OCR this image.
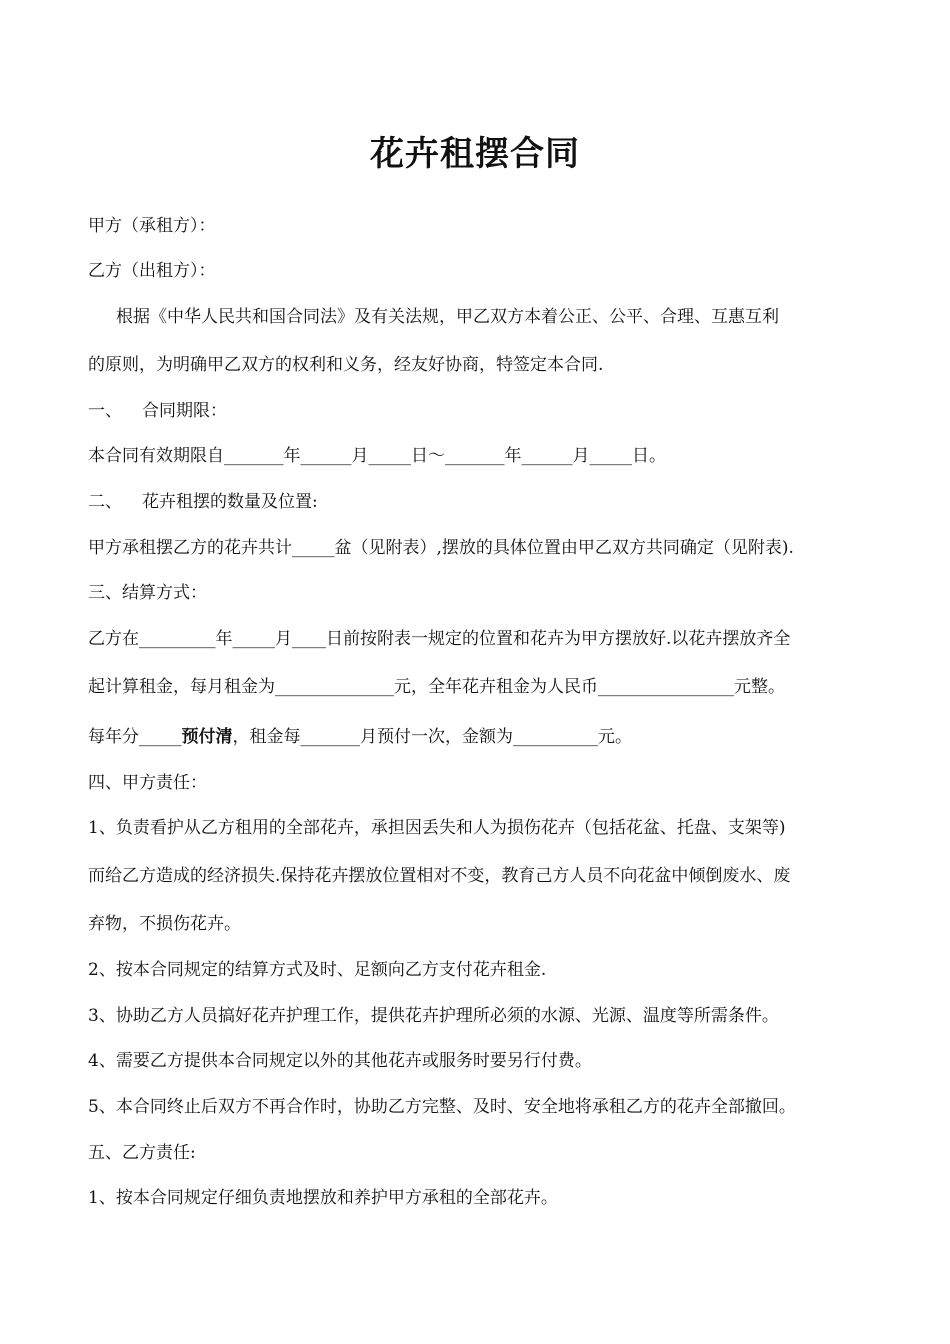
花卉租摆合同

甲方（承租方）：

乙方（出租方）：

根据《中华人民共和国合同法》及有关法规，甲乙双方本着公正、公平、合理、互惠互利

的原则，为明确甲乙双方的权利和义务，经友好协商，特签定本合同.

一、 合同期限：

本合同有效期限自_______年______月_____日～_______年______月_____日。

二、 花卉租摆的数量及位置:

甲方承租摆乙方的花卉共计_____盆（见附表）,摆放的具体位置由甲乙双方共同确定（见附表).

三、结算方式：

乙方在_________年_____月____日前按附表一规定的位置和花卉为甲方摆放好.以花卉摆放齐全

起计算租金，每月租金为______________元，全年花卉租金为人民币________________元整。

每年分_____预付清，租金每_______月预付一次，金额为__________元。

四、甲方责任：

1、负责看护从乙方租用的全部花卉，承担因丢失和人为损伤花卉（包括花盆、托盘、支架等)

而给乙方造成的经济损失.保持花卉摆放位置相对不变，教育己方人员不向花盆中倾倒废水、废

弃物，不损伤花卉。

2、按本合同规定的结算方式及时、足额向乙方支付花卉租金.

3、协助乙方人员搞好花卉护理工作，提供花卉护理所必须的水源、光源、温度等所需条件。

4、需要乙方提供本合同规定以外的其他花卉或服务时要另行付费。

5、本合同终止后双方不再合作时，协助乙方完整、及时、安全地将承租乙方的花卉全部撤回。

五、乙方责任:

1、按本合同规定仔细负责地摆放和养护甲方承租的全部花卉。
